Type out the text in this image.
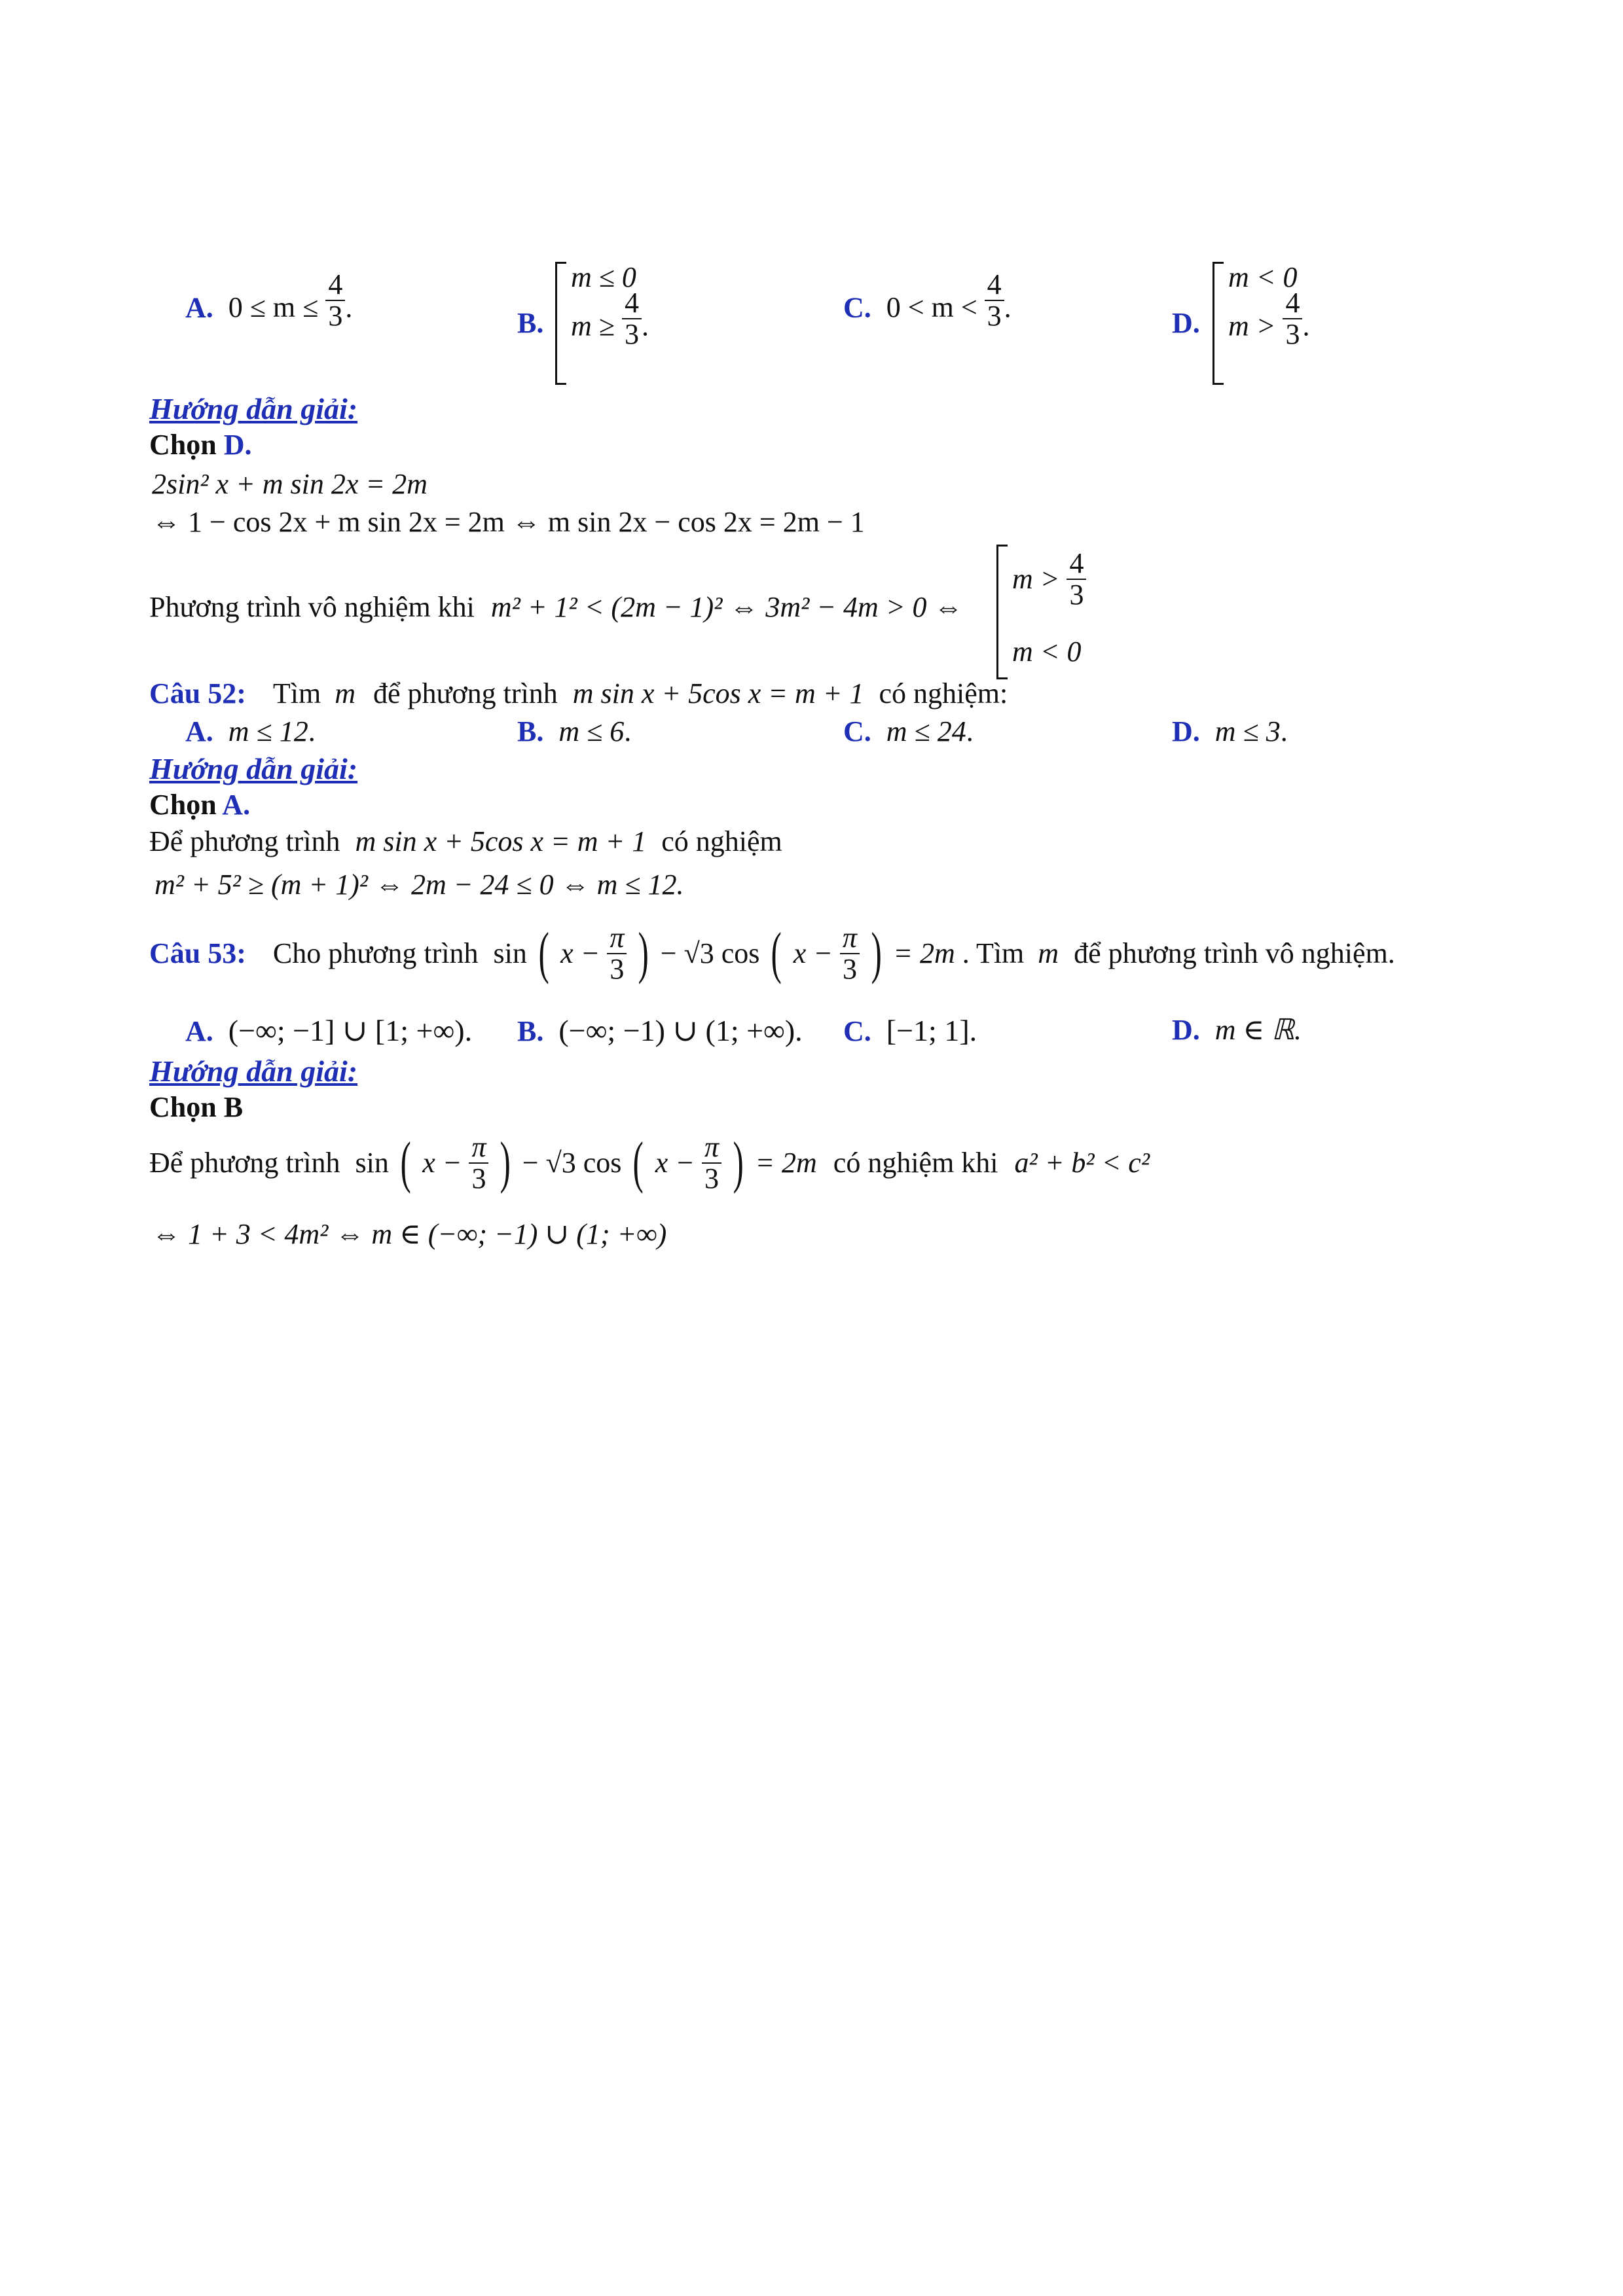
A. $0 \le m \le \frac{4}{3}$ .	B.
m ≤ 0
$m \ge \frac{4}{3}$ .
C. $0 < m < \frac{4}{3}$ .	D.
m < 0
$m > \frac{4}{3}$ .
Hướng dẫn giải:
Chọn D.
2sin² x + m sin 2x = 2m
⇔ 1 − cos 2x + m sin 2x = 2m ⇔ m sin 2x − cos 2x = 2m − 1
Phương trình vô nghiệm khi m² + 1² < (2m − 1)² ⇔ 3m² − 4m > 0 ⇔
$m > \frac{4}{3}$
m < 0
Câu 52: Tìm m để phương trình m sin x + 5cos x = m + 1 có nghiệm:
A. m ≤ 12.	B. m ≤ 6.	C. m ≤ 24.	D. m ≤ 3.
Hướng dẫn giải:
Chọn A.
Để phương trình m sin x + 5cos x = m + 1 có nghiệm
m² + 5² ≥ (m + 1)² ⇔ 2m − 24 ≤ 0 ⇔ m ≤ 12.
Câu 53: Cho phương trình sin ( $x - \frac{\pi}{3}$ ) − √3 cos ( $x - \frac{\pi}{3}$ ) = 2m . Tìm m để phương trình vô nghiệm.
A. (−∞; −1] ∪ [1; +∞). B. (−∞; −1) ∪ (1; +∞). C. [−1; 1].	D. m ∈ ℝ.
Hướng dẫn giải:
Chọn B
Để phương trình sin ( $x - \frac{\pi}{3}$ ) − √3 cos ( $x - \frac{\pi}{3}$ ) = 2m có nghiệm khi a² + b² < c²
⇔ 1 + 3 < 4m² ⇔ m ∈ (−∞; −1) ∪ (1; +∞)
